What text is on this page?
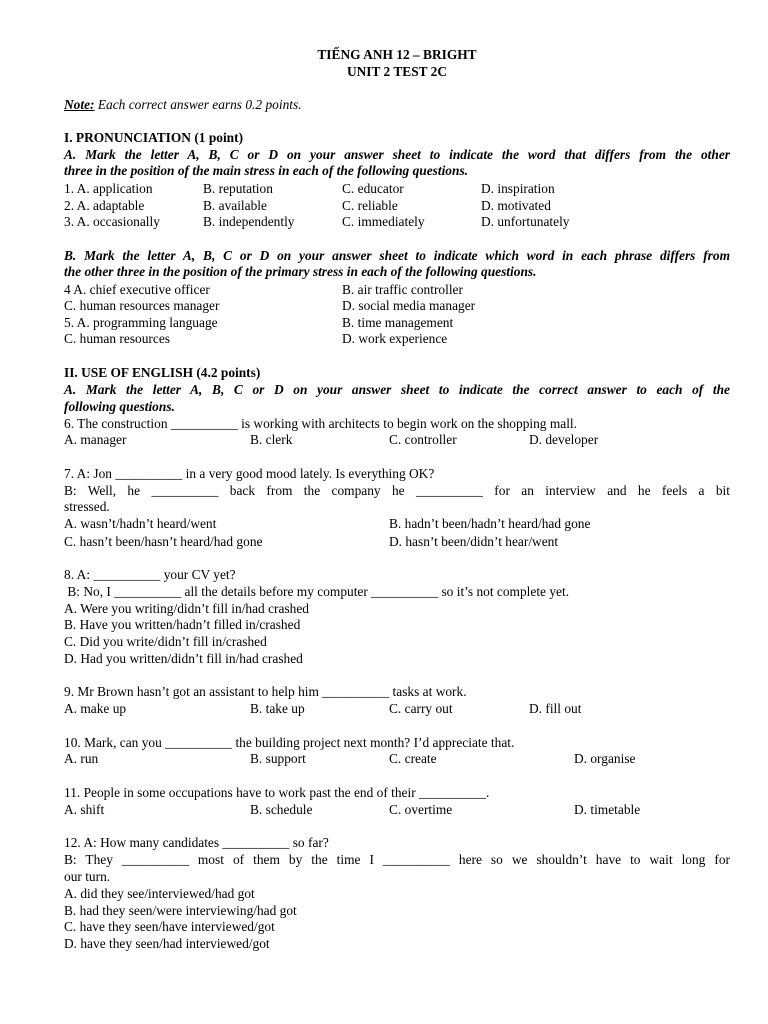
TIẾNG ANH 12 – BRIGHT
UNIT 2 TEST 2C
Note: Each correct answer earns 0.2 points.
I. PRONUNCIATION (1 point)
A. Mark the letter A, B, C or D on your answer sheet to indicate the word that differs from the other
three in the position of the main stress in each of the following questions.
1. A. application	B. reputation	C. educator	D. inspiration
2. A. adaptable	B. available	C. reliable	D. motivated
3. A. occasionally	B. independently	C. immediately	D. unfortunately
B. Mark the letter A, B, C or D on your answer sheet to indicate which word in each phrase differs from
the other three in the position of the primary stress in each of the following questions.
4 A. chief executive officer	B. air traffic controller
C. human resources manager	D. social media manager
5. A. programming language	B. time management
C. human resources	D. work experience
II. USE OF ENGLISH (4.2 points)
A. Mark the letter A, B, C or D on your answer sheet to indicate the correct answer to each of the
following questions.
6. The construction __________ is working with architects to begin work on the shopping mall.
A. manager	B. clerk	C. controller	D. developer
7. A: Jon __________ in a very good mood lately. Is everything OK?
B: Well, he __________ back from the company he __________ for an interview and he feels a bit
stressed.
A. wasn’t/hadn’t heard/went	B. hadn’t been/hadn’t heard/had gone
C. hasn’t been/hasn’t heard/had gone	D. hasn’t been/didn’t hear/went
8. A: __________ your CV yet?
B: No, I __________ all the details before my computer __________ so it’s not complete yet.
A. Were you writing/didn’t fill in/had crashed
B. Have you written/hadn’t filled in/crashed
C. Did you write/didn’t fill in/crashed
D. Had you written/didn’t fill in/had crashed
9. Mr Brown hasn’t got an assistant to help him __________ tasks at work.
A. make up	B. take up	C. carry out	D. fill out
10. Mark, can you __________ the building project next month? I’d appreciate that.
A. run	B. support	C. create	D. organise
11. People in some occupations have to work past the end of their __________.
A. shift	B. schedule	C. overtime	D. timetable
12. A: How many candidates __________ so far?
B: They __________ most of them by the time I __________ here so we shouldn’t have to wait long for
our turn.
A. did they see/interviewed/had got
B. had they seen/were interviewing/had got
C. have they seen/have interviewed/got
D. have they seen/had interviewed/got
